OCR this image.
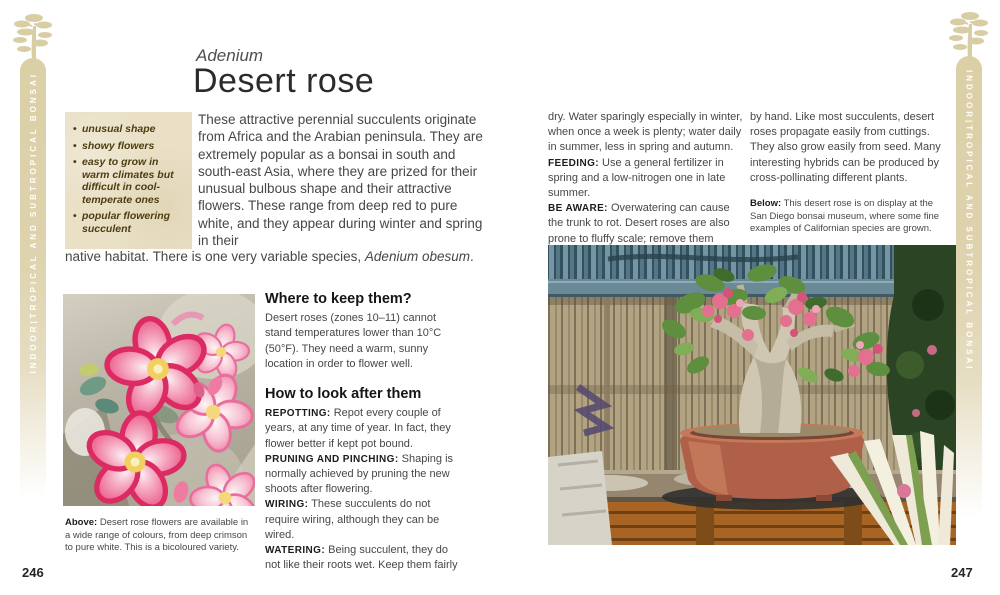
INDOOR|TROPICAL AND SUBTROPICAL BONSAI	INDOOR|TROPICAL AND SUBTROPICAL BONSAI
Adenium
Desert rose
• unusual shape
• showy flowers
• easy to grow in warm climates but difficult in cool-temperate ones
• popular flowering succulent
These attractive perennial succulents originate from Africa and the Arabian peninsula. They are extremely popular as a bonsai in south and south-east Asia, where they are prized for their unusual bulbous shape and their attractive flowers. These range from deep red to pure white, and they appear during winter and spring in their
native habitat. There is one very variable species, Adenium obesum.
Above: Desert rose flowers are available in a wide range of colours, from deep crimson to pure white. This is a bicoloured variety.
Where to keep them?

Desert roses (zones 10–11) cannot stand temperatures lower than 10°C (50°F). They need a warm, sunny location in order to flower well.

How to look after them

REPOTTING: Repot every couple of years, at any time of year. In fact, they flower better if kept pot bound.

PRUNING AND PINCHING: Shaping is normally achieved by pruning the new shoots after flowering.

WIRING: These succulents do not require wiring, although they can be wired.

WATERING: Being succulent, they do not like their roots wet. Keep them fairly

dry. Water sparingly especially in winter, when once a week is plenty; water daily in summer, less in spring and autumn.

FEEDING: Use a general fertilizer in spring and a low-nitrogen one in late summer.

BE AWARE: Overwatering can cause the trunk to rot. Desert roses are also prone to fluffy scale; remove them

by hand. Like most succulents, desert roses propagate easily from cuttings. They also grow easily from seed. Many interesting hybrids can be produced by cross-pollinating different plants.

Below: This desert rose is on display at the San Diego bonsai museum, where some fine examples of Californian species are grown.
246	247
